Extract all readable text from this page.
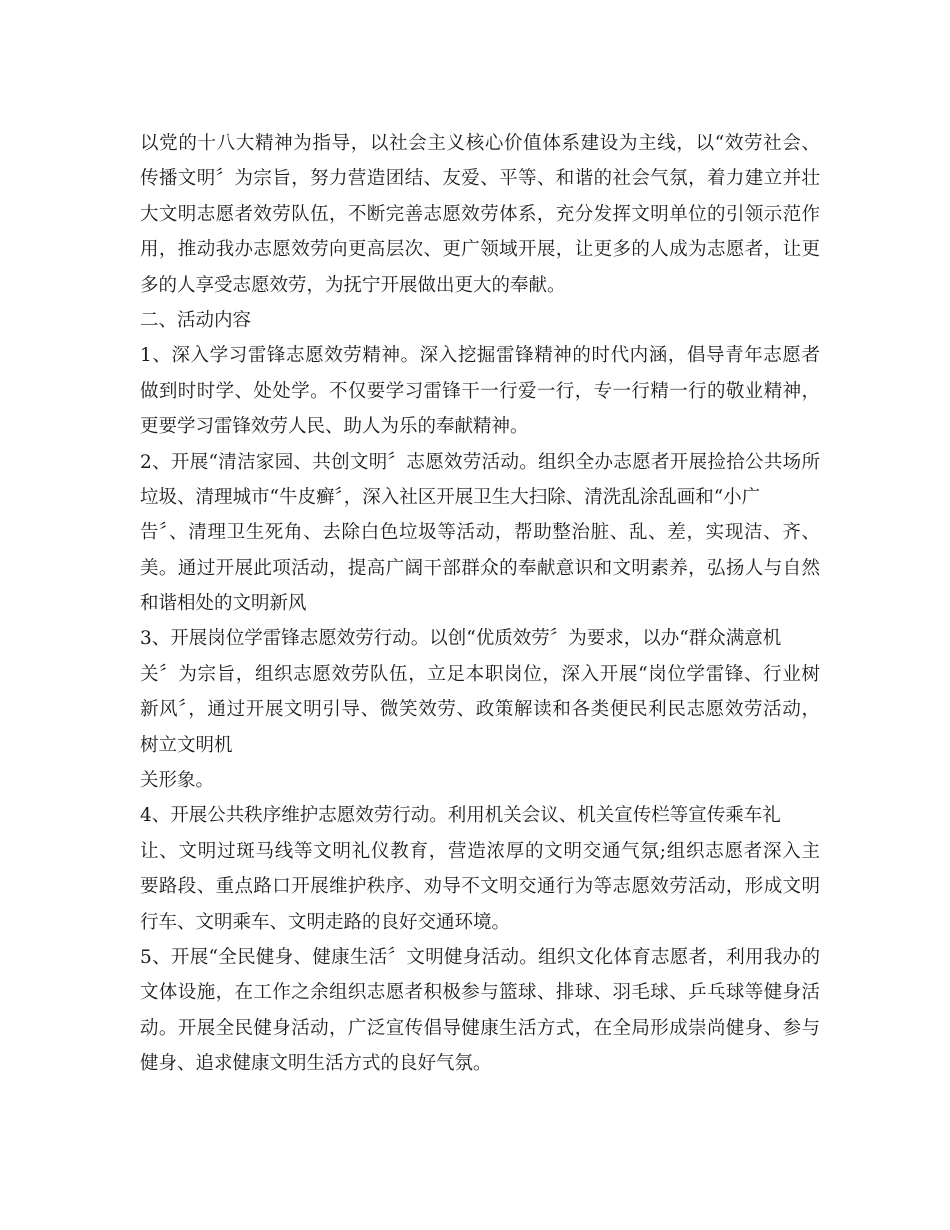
以党的十八大精神为指导，以社会主义核心价值体系建设为主线，以“效劳社会、
传播文明〞为宗旨，努力营造团结、友爱、平等、和谐的社会气氛，着力建立并壮
大文明志愿者效劳队伍，不断完善志愿效劳体系，充分发挥文明单位的引领示范作
用，推动我办志愿效劳向更高层次、更广领域开展，让更多的人成为志愿者，让更
多的人享受志愿效劳，为抚宁开展做出更大的奉献。
二、活动内容
1、深入学习雷锋志愿效劳精神。深入挖掘雷锋精神的时代内涵，倡导青年志愿者
做到时时学、处处学。不仅要学习雷锋干一行爱一行，专一行精一行的敬业精神，
更要学习雷锋效劳人民、助人为乐的奉献精神。
2、开展“清洁家园、共创文明〞志愿效劳活动。组织全办志愿者开展捡拾公共场所
垃圾、清理城市“牛皮癣〞，深入社区开展卫生大扫除、清洗乱涂乱画和“小广
告〞、清理卫生死角、去除白色垃圾等活动，帮助整治脏、乱、差，实现洁、齐、
美。通过开展此项活动，提高广阔干部群众的奉献意识和文明素养，弘扬人与自然
和谐相处的文明新风
3、开展岗位学雷锋志愿效劳行动。以创“优质效劳〞为要求，以办“群众满意机
关〞为宗旨，组织志愿效劳队伍，立足本职岗位，深入开展“岗位学雷锋、行业树
新风〞，通过开展文明引导、微笑效劳、政策解读和各类便民利民志愿效劳活动，
树立文明机
关形象。
4、开展公共秩序维护志愿效劳行动。利用机关会议、机关宣传栏等宣传乘车礼
让、文明过斑马线等文明礼仪教育，营造浓厚的文明交通气氛;组织志愿者深入主
要路段、重点路口开展维护秩序、劝导不文明交通行为等志愿效劳活动，形成文明
行车、文明乘车、文明走路的良好交通环境。
5、开展“全民健身、健康生活〞文明健身活动。组织文化体育志愿者，利用我办的
文体设施，在工作之余组织志愿者积极参与篮球、排球、羽毛球、乒乓球等健身活
动。开展全民健身活动，广泛宣传倡导健康生活方式，在全局形成崇尚健身、参与
健身、追求健康文明生活方式的良好气氛。
